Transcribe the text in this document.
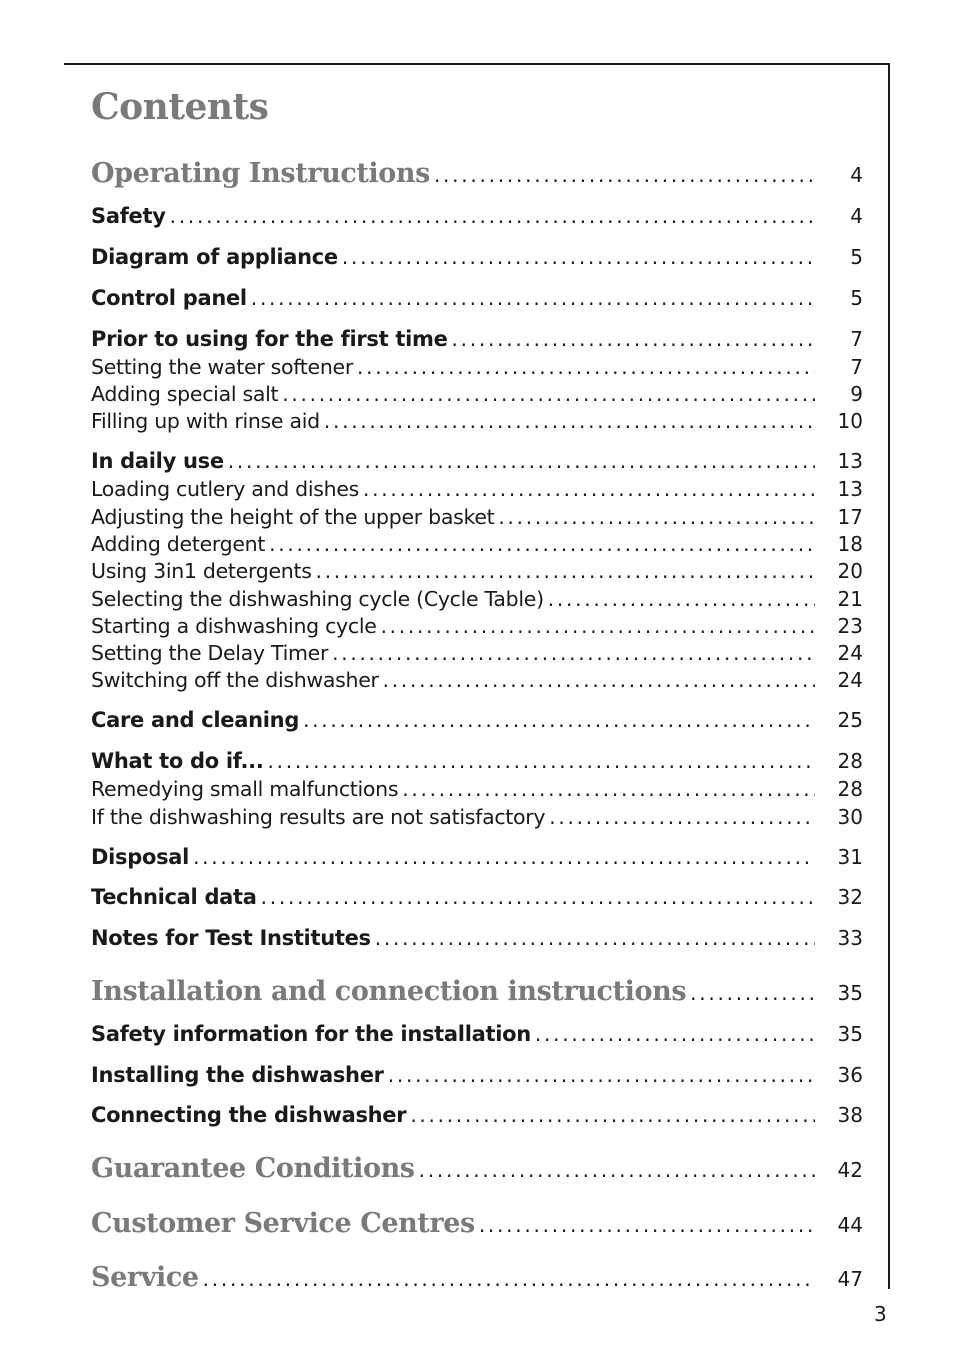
Contents
Operating Instructions . . .	4
Safety . . .	4
Diagram of appliance . . .	5
Control panel . . .	5
Prior to using for the first time . . .	7
Setting the water softener . . .	7
Adding special salt . . .	9
Filling up with rinse aid . . .	10
In daily use . . .	13
Loading cutlery and dishes . . .	13
Adjusting the height of the upper basket . . .	17
Adding detergent . . .	18
Using 3in1 detergents . . .	20
Selecting the dishwashing cycle (Cycle Table) . . .	21
Starting a dishwashing cycle . . .	23
Setting the Delay Timer . . .	24
Switching off the dishwasher . . .	24
Care and cleaning . . .	25
What to do if... . . .	28
Remedying small malfunctions . . .	28
If the dishwashing results are not satisfactory . . .	30
Disposal . . .	31
Technical data . . .	32
Notes for Test Institutes . . .	33
Installation and connection instructions . . .	35
Safety information for the installation . . .	35
Installing the dishwasher . . .	36
Connecting the dishwasher . . .	38
Guarantee Conditions . . .	42
Customer Service Centres . . .	44
Service . . .	47
3
